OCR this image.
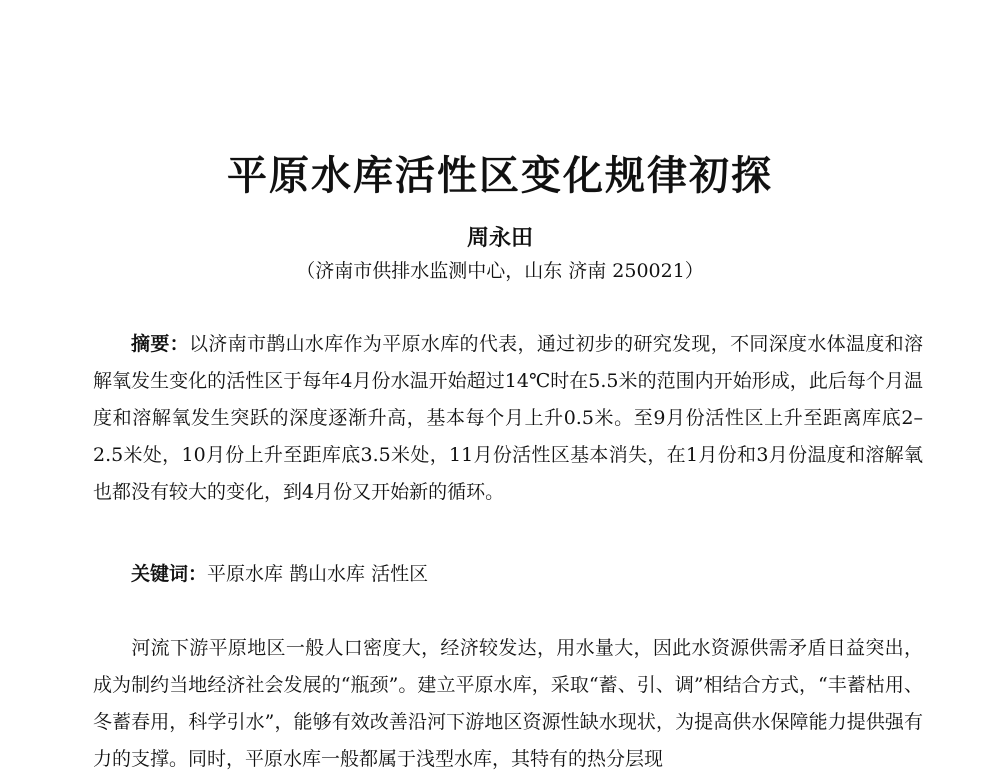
平原水库活性区变化规律初探
周永田
（济南市供排水监测中心，山东 济南 250021）
摘要：以济南市鹊山水库作为平原水库的代表，通过初步的研究发现，不同深度水体温度和溶解氧发生变化的活性区于每年4月份水温开始超过14℃时在5.5米的范围内开始形成，此后每个月温度和溶解氧发生突跃的深度逐渐升高，基本每个月上升0.5米。至9月份活性区上升至距离库底2–2.5米处，10月份上升至距库底3.5米处，11月份活性区基本消失，在1月份和3月份温度和溶解氧也都没有较大的变化，到4月份又开始新的循环。
关键词：平原水库 鹊山水库 活性区
河流下游平原地区一般人口密度大，经济较发达，用水量大，因此水资源供需矛盾日益突出，成为制约当地经济社会发展的“瓶颈”。建立平原水库，采取“蓄、引、调”相结合方式，“丰蓄枯用、冬蓄春用，科学引水”，能够有效改善沿河下游地区资源性缺水现状，为提高供水保障能力提供强有力的支撑。同时，平原水库一般都属于浅型水库，其特有的热分层现
